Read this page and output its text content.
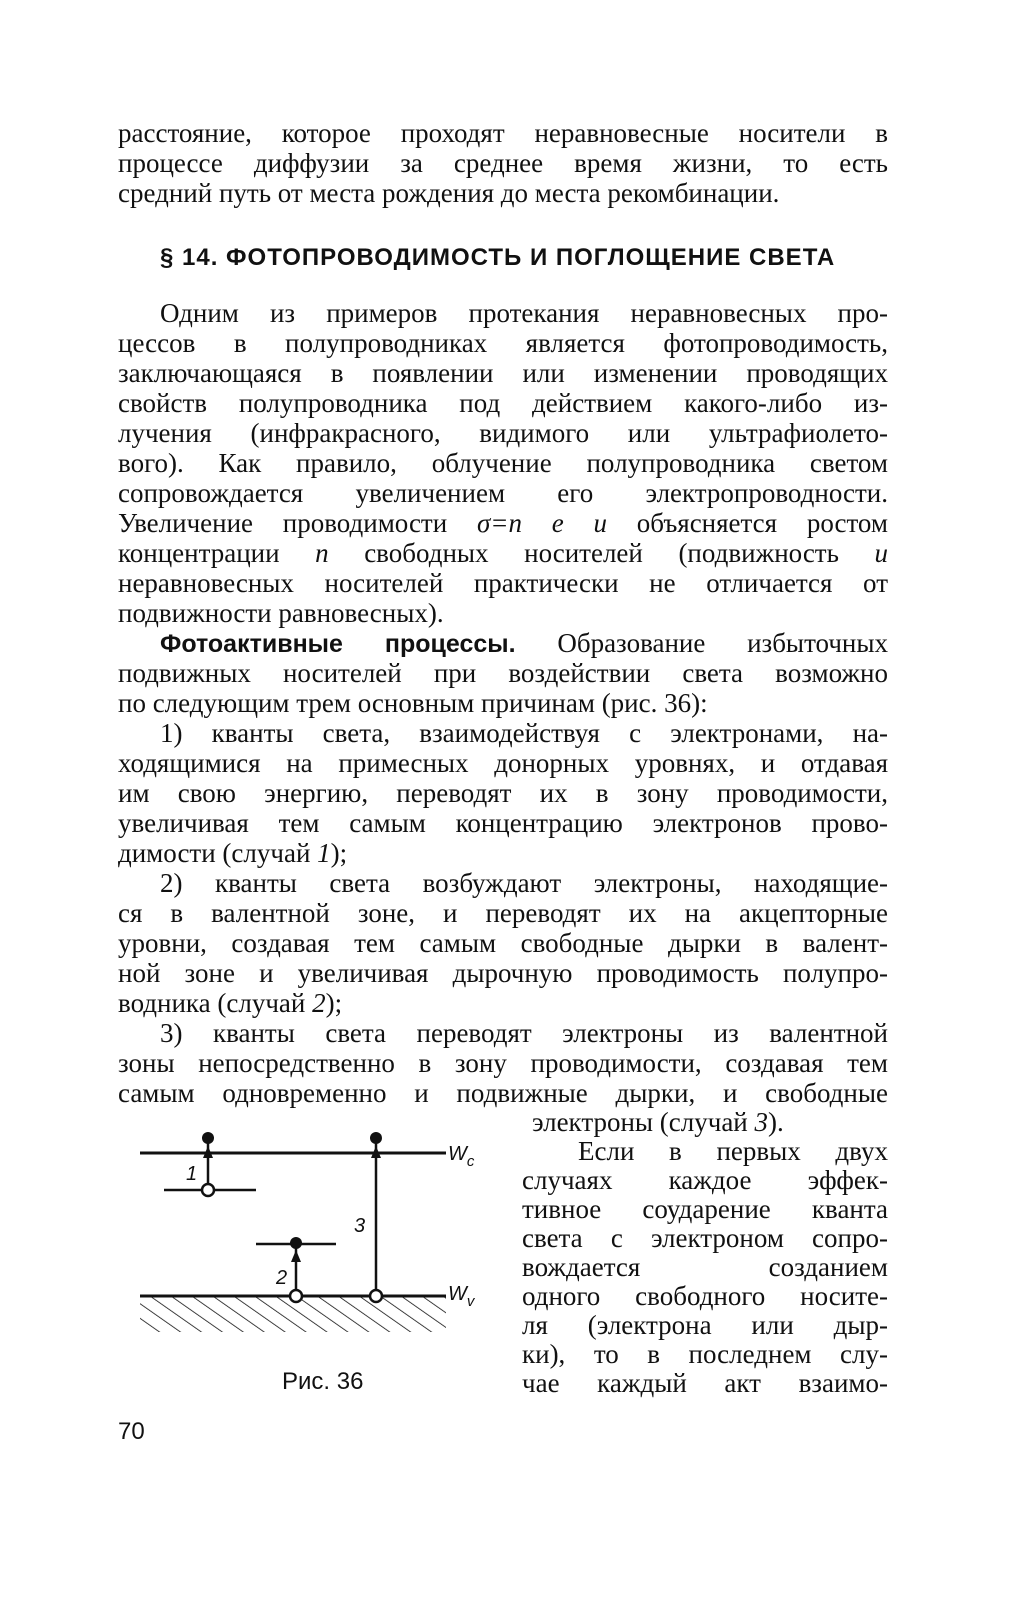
расстояние, которое проходят неравновесные носители в
процессе диффузии за среднее время жизни, то есть
средний путь от места рождения до места рекомбинации.
§ 14. ФОТОПРОВОДИМОСТЬ И ПОГЛОЩЕНИЕ СВЕТА
Одним из примеров протекания неравновесных про-
цессов в полупроводниках является фотопроводимость,
заключающаяся в появлении или изменении проводящих
свойств полупроводника под действием какого-либо из-
лучения (инфракрасного, видимого или ультрафиолето-
вого). Как правило, облучение полупроводника светом
сопровождается увеличением его электропроводности.
Увеличение проводимости σ=n e u объясняется ростом
концентрации n свободных носителей (подвижность u
неравновесных носителей практически не отличается от
подвижности равновесных).
Фотоактивные процессы. Образование избыточных
подвижных носителей при воздействии света возможно
по следующим трем основным причинам (рис. 36):
1) кванты света, взаимодействуя с электронами, на-
ходящимися на примесных донорных уровнях, и отдавая
им свою энергию, переводят их в зону проводимости,
увеличивая тем самым концентрацию электронов прово-
димости (случай 1);
2) кванты света возбуждают электроны, находящие-
ся в валентной зоне, и переводят их на акцепторные
уровни, создавая тем самым свободные дырки в валент-
ной зоне и увеличивая дырочную проводимость полупро-
водника (случай 2);
3) кванты света переводят электроны из валентной
зоны непосредственно в зону проводимости, создавая тем
самым одновременно и подвижные дырки, и свободные
электроны (случай 3).
Если в первых двух
случаях каждое эффек-
тивное соударение кванта
света с электроном сопро-
вождается созданием
одного свободного носите-
ля (электрона или дыр-
ки), то в последнем слу-
чае каждый акт взаимо-
1
2
3
$W_c$
$W_v$
Рис. 36
70
